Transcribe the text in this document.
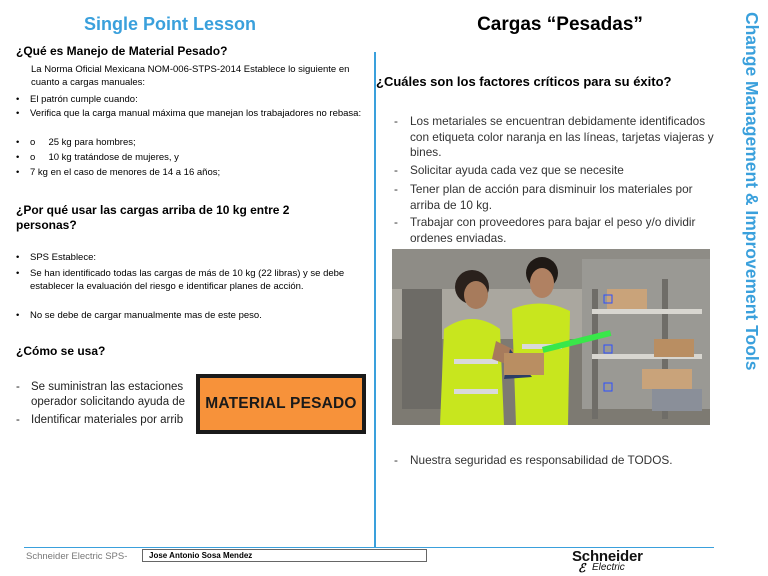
Single Point Lesson	Cargas “Pesadas”	Change Management & Improvement Tools
¿Qué es Manejo de Material Pesado?
La Norma Oficial Mexicana NOM-006-STPS-2014 Establece lo siguiente en cuanto a cargas manuales:
•	El patrón cumple cuando:
•	Verifica que la carga manual máxima que manejan los trabajadores no rebasa:
•	o     25 kg para hombres;
•	o     10 kg tratándose de mujeres, y
•	7 kg en el caso de menores de 14 a 16 años;
¿Por qué usar las cargas arriba de 10 kg entre 2 personas?
•	SPS Establece:
•	Se han identificado todas las cargas de más de 10 kg (22 libras) y se debe establecer la evaluación del riesgo e identificar planes de acción.
•	No se debe de cargar manualmente mas de este peso.
¿Cómo se usa?
- Se suministran las estaciones operador solicitando ayuda de
- Identificar materiales por arrib
MATERIAL PESADO
¿Cuáles son los factores críticos para su éxito?
-	Los metariales se encuentran debidamente identificados con etiqueta color naranja en las líneas, tarjetas viajeras y bines.
-	Solicitar ayuda cada vez que se necesite
-	Tener plan de acción para disminuir los materiales por arriba de 10 kg.
-	Trabajar con proveedores para bajar el peso y/o dividir ordenes enviadas.
-	Nuestra seguridad es responsabilidad de TODOS.
Schneider Electric SPS-	Jose Antonio Sosa Mendez	Schneider
ℰ Electric
